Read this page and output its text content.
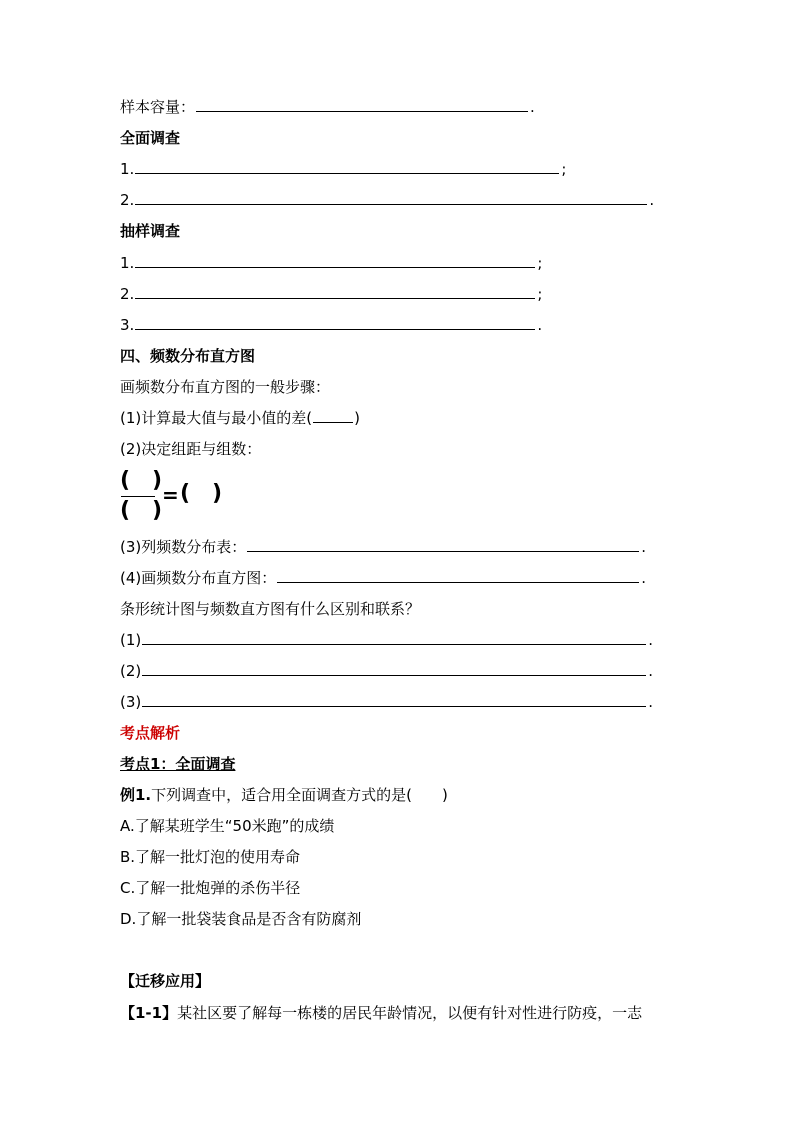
样本容量：	.
全面调查
1.	;
2.	.
抽样调查
1.	;
2.	;
3.	.
四、频数分布直方图
画频数分布直方图的一般步骤：
(1)计算最大值与最小值的差(	)
(2)决定组距与组数：
(　)
(　)
= (　)
(3)列频数分布表：	.
(4)画频数分布直方图：	.
条形统计图与频数直方图有什么区别和联系？
(1)	.
(2)	.
(3)	.
考点解析
考点1：全面调查
例1.下列调查中，适合用全面调查方式的是(　　)
A.了解某班学生“50米跑”的成绩
B.了解一批灯泡的使用寿命
C.了解一批炮弹的杀伤半径
D.了解一批袋装食品是否含有防腐剂
【迁移应用】
【1-1】某社区要了解每一栋楼的居民年龄情况，以便有针对性进行防疫，一志
